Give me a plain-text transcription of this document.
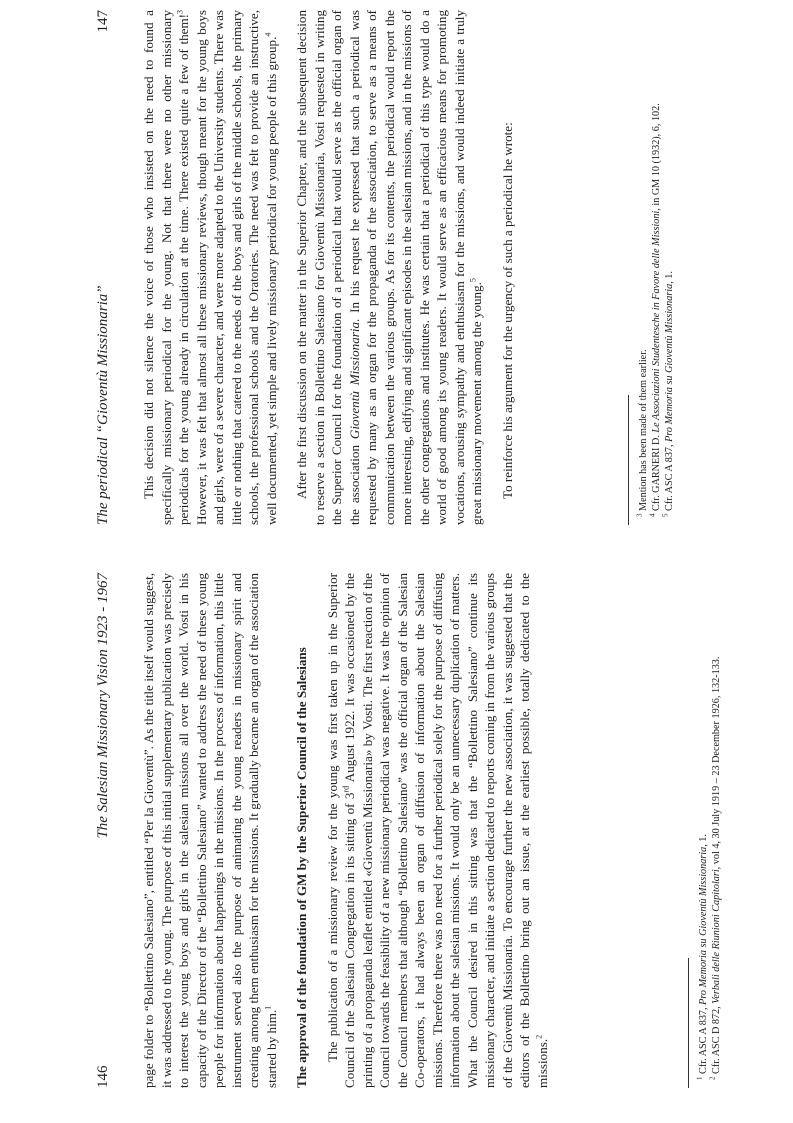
146
The Salesian Missionary Vision 1923 - 1967 page folder to “Bollettino Salesiano”, entitled “Per la Gioventù”. As the title itself would suggest, it was addressed to the young. The purpose of this initial supplementary publication was precisely to interest the young boys and girls in the salesian missions all over the world. Vosti in his capacity of the Director of the “Bollettino Salesiano” wanted to address the need of these young people for information about happenings in the missions. In the process of information, this little instrument served also the purpose of animating the young readers in missionary spirit and creating among them enthusiasm for the missions. It gradually became an organ of the association started by him.$^1$	The approval of the foundation of GM by the Superior Council of the Salesians The publication of a missionary review for the young was first taken up in the Superior Council of the Salesian Congregation in its sitting of 3rd August 1922. It was occasioned by the printing of a propaganda leaflet entitled «Gioventù Missionaria» by Vosti. The first reaction of the Council towards the feasibility of a new missionary periodical was negative. It was the opinion of the Council members that although “Bollettino Salesiano” was the official organ of the Salesian Co-operators, it had always been an organ of diffusion of information about the Salesian missions. Therefore there was no need for a further periodical solely for the purpose of diffusing information about the salesian missions. It would only be an unnecessary duplication of matters. What the Council desired in this sitting was that the “Bollettino Salesiano” continue its missionary character, and initiate a section dedicated to reports coming in from the various groups of the Gioventù Missionaria. To encourage further the new association, it was suggested that the editors of the Bollettino bring out an issue, at the earliest possible, totally dedicated to the missions.$^2$

$^1$ Cfr. ASC A 837, Pro Memoria su Gioventù Missionaria, 1.

$^2$ Cfr. ASC D 872, Verbali delle Riunioni Capitolari, vol 4, 30 July 1919 – 23 December 1926, 132-133.

The periodical “Gioventù Missionaria”
147 This decision did not silence the voice of those who insisted on the need to found a specifically missionary periodical for the young. Not that there were no other missionary periodicals for the young already in circulation at the time. There existed quite a few of them!$^3$ However, it was felt that almost all these missionary reviews, though meant for the young boys and girls, were of a severe character, and were more adapted to the University students. There was little or nothing that catered to the needs of the boys and girls of the middle schools, the primary schools, the professional schools and the Oratories. The need was felt to provide an instructive, well documented, yet simple and lively missionary periodical for young people of this group.$^4$	After the first discussion on the matter in the Superior Chapter, and the subsequent decision to reserve a section in Bollettino Salesiano for Gioventù Missionaria, Vosti requested in writing the Superior Council for the foundation of a periodical that would serve as the official organ of the association Gioventù Missionaria. In his request he expressed that such a periodical was requested by many as an organ for the propaganda of the association, to serve as a means of communication between the various groups. As for its contents, the periodical would report the more interesting, edifying and significant episodes in the salesian missions, and in the missions of the other congregations and institutes. He was certain that a periodical of this type would do a world of good among its young readers. It would serve as an efficacious means for promoting vocations, arousing sympathy and enthusiasm for the missions, and would indeed initiate a truly great missionary movement among the young.$^5$	To reinforce his argument for the urgency of such a periodical he wrote:

$^3$ Mention has been made of them earlier.

$^4$ Cfr. GARNERI D. Le Associazioni Studentesche in Favore delle Missioni, in GM 10 (1932), 6, 102.

$^5$ Cfr. ASC A 837, Pro Memoria su Gioventù Missionaria, 1.
